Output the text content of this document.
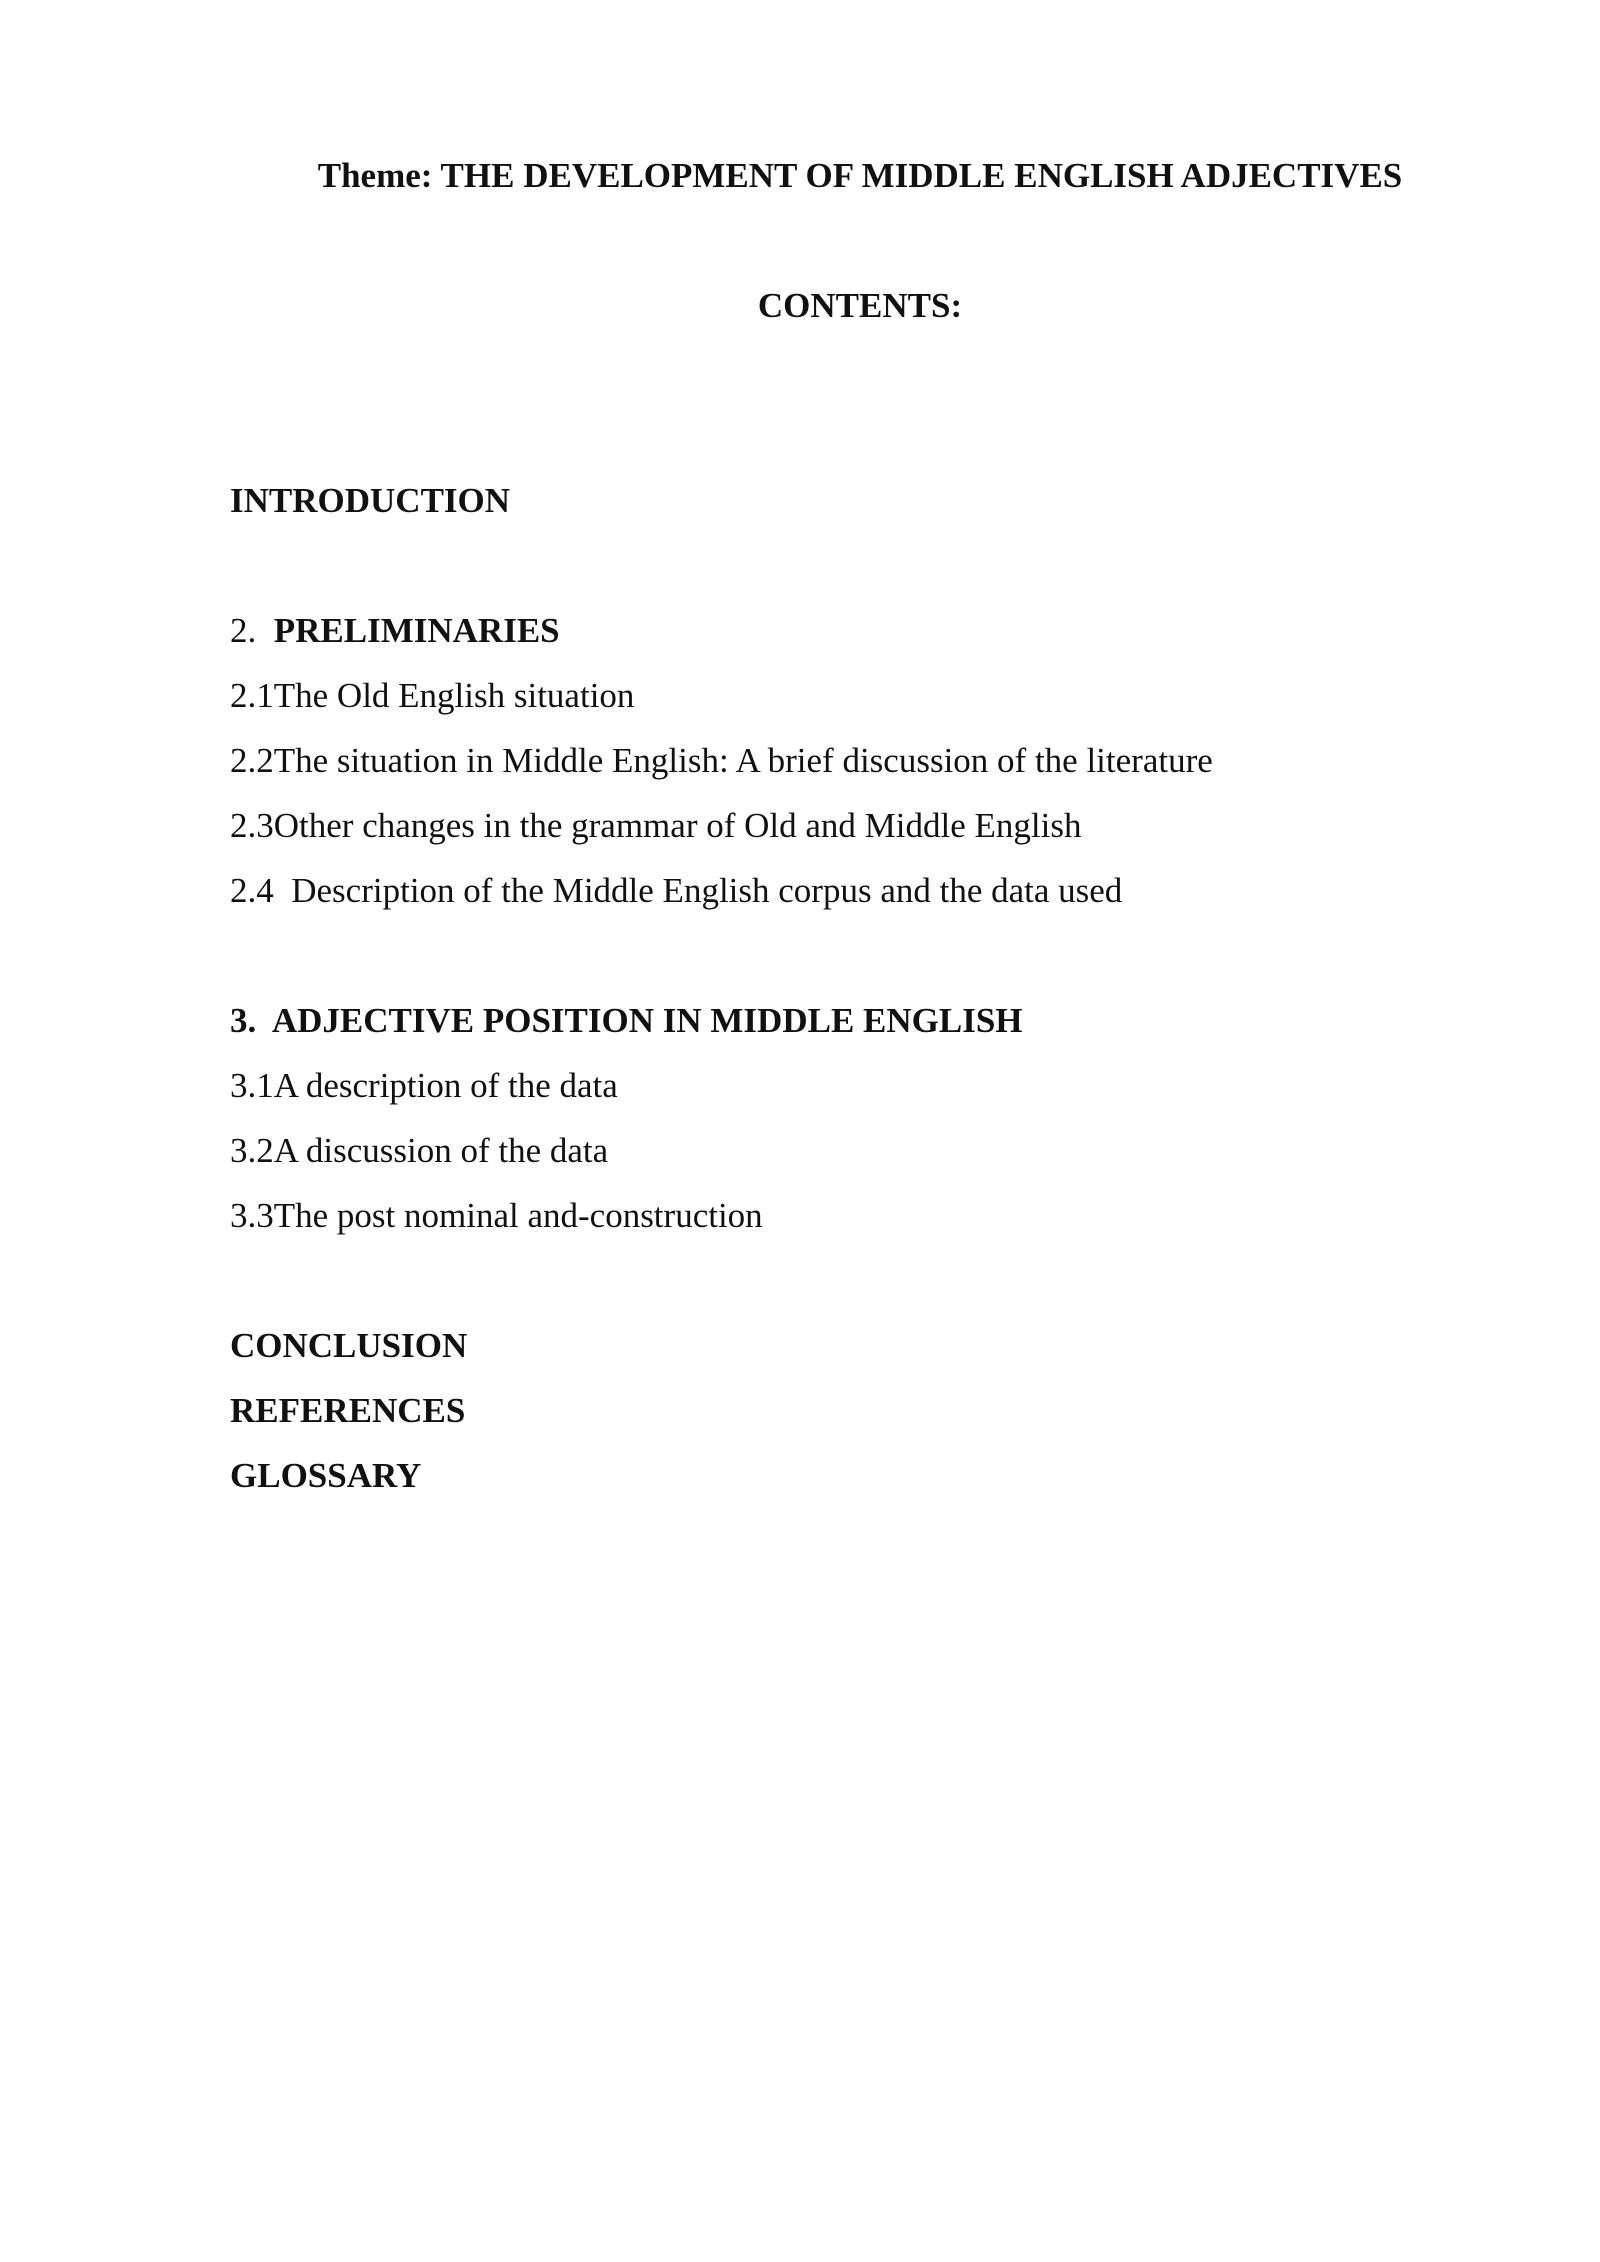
Theme: THE DEVELOPMENT OF MIDDLE ENGLISH ADJECTIVES

CONTENTS:

INTRODUCTION

2. PRELIMINARIES

2.1The Old English situation

2.2The situation in Middle English: A brief discussion of the literature

2.3Other changes in the grammar of Old and Middle English

2.4  Description of the Middle English corpus and the data used

3. ADJECTIVE POSITION IN MIDDLE ENGLISH

3.1A description of the data

3.2A discussion of the data

3.3The post nominal and-construction

CONCLUSION

REFERENCES

GLOSSARY
